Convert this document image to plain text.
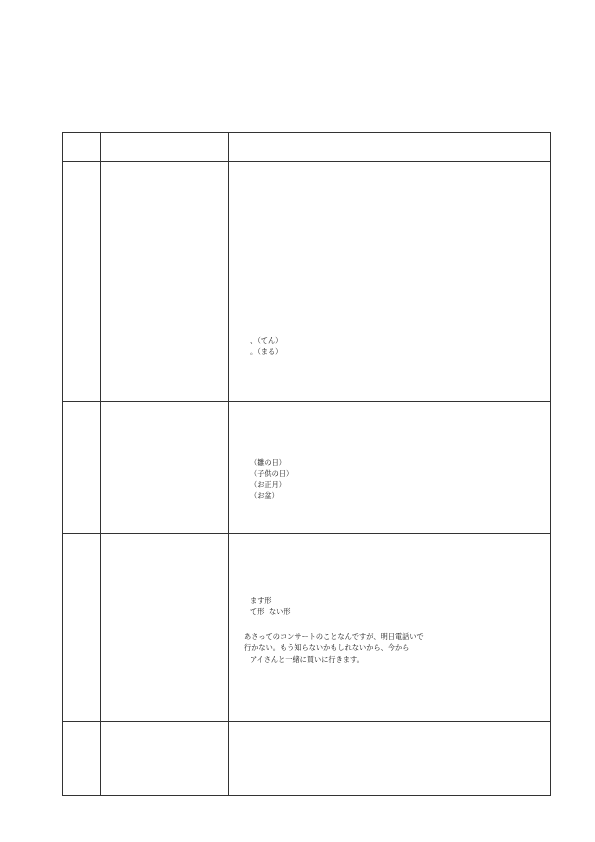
		、（てん）
。（まる）

		（雛の日）
（子供の日）
（お正月）
（お盆）

		ます形
て形 ない形
あさってのコンサートのことなんですが、明日電話いで
行かない。もう知らないかもしれないから、今から
アイさんと一緒に買いに行きます。
